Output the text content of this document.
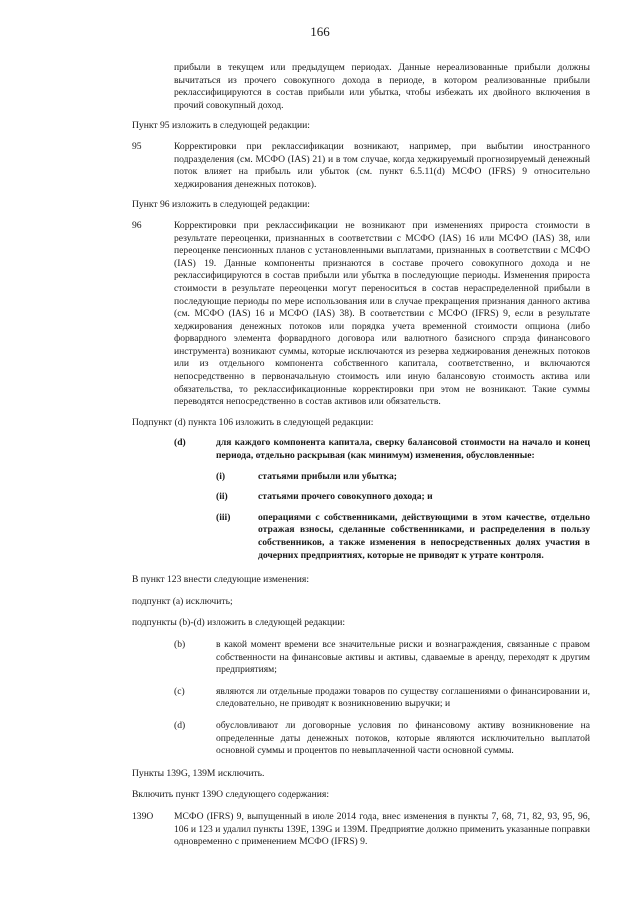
166

прибыли в текущем или предыдущем периодах. Данные нереализованные прибыли должны вычитаться из прочего совокупного дохода в периоде, в котором реализованные прибыли реклассифицируются в состав прибыли или убытка, чтобы избежать их двойного включения в прочий совокупный доход.

Пункт 95 изложить в следующей редакции:

95	Корректировки при реклассификации возникают, например, при выбытии иностранного подразделения (см. МСФО (IAS) 21) и в том случае, когда хеджируемый прогнозируемый денежный поток влияет на прибыль или убыток (см. пункт 6.5.11(d) МСФО (IFRS) 9 относительно хеджирования денежных потоков).

Пункт 96 изложить в следующей редакции:

96	Корректировки при реклассификации не возникают при изменениях прироста стоимости в результате переоценки, признанных в соответствии с МСФО (IAS) 16 или МСФО (IAS) 38, или переоценке пенсионных планов с установленными выплатами, признанных в соответствии с МСФО (IAS) 19. Данные компоненты признаются в составе прочего совокупного дохода и не реклассифицируются в состав прибыли или убытка в последующие периоды. Изменения прироста стоимости в результате переоценки могут переноситься в состав нераспределенной прибыли в последующие периоды по мере использования или в случае прекращения признания данного актива (см. МСФО (IAS) 16 и МСФО (IAS) 38). В соответствии с МСФО (IFRS) 9, если в результате хеджирования денежных потоков или порядка учета временной стоимости опциона (либо форвардного элемента форвардного договора или валютного базисного спрэда финансового инструмента) возникают суммы, которые исключаются из резерва хеджирования денежных потоков или из отдельного компонента собственного капитала, соответственно, и включаются непосредственно в первоначальную стоимость или иную балансовую стоимость актива или обязательства, то реклассификационные корректировки при этом не возникают. Такие суммы переводятся непосредственно в состав активов или обязательств.

Подпункт (d) пункта 106 изложить в следующей редакции:

(d)	для каждого компонента капитала, сверку балансовой стоимости на начало и конец периода, отдельно раскрывая (как минимум) изменения, обусловленные:
(i)	статьями прибыли или убытка;
(ii)	статьями прочего совокупного дохода; и
(iii)	операциями с собственниками, действующими в этом качестве, отдельно отражая взносы, сделанные собственниками, и распределения в пользу собственников, а также изменения в непосредственных долях участия в дочерних предприятиях, которые не приводят к утрате контроля.

В пункт 123 внести следующие изменения:

подпункт (а) исключить;

подпункты (b)-(d) изложить в следующей редакции:

(b)	в какой момент времени все значительные риски и вознаграждения, связанные с правом собственности на финансовые активы и активы, сдаваемые в аренду, переходят к другим предприятиям;
(c)	являются ли отдельные продажи товаров по существу соглашениями о финансировании и, следовательно, не приводят к возникновению выручки; и
(d)	обусловливают ли договорные условия по финансовому активу возникновение на определенные даты денежных потоков, которые являются исключительно выплатой основной суммы и процентов по невыплаченной части основной суммы.

Пункты 139G, 139M исключить.

Включить пункт 139О следующего содержания:

139О	МСФО (IFRS) 9, выпущенный в июле 2014 года, внес изменения в пункты 7, 68, 71, 82, 93, 95, 96, 106 и 123 и удалил пункты 139E, 139G и 139M. Предприятие должно применить указанные поправки одновременно с применением МСФО (IFRS) 9.
